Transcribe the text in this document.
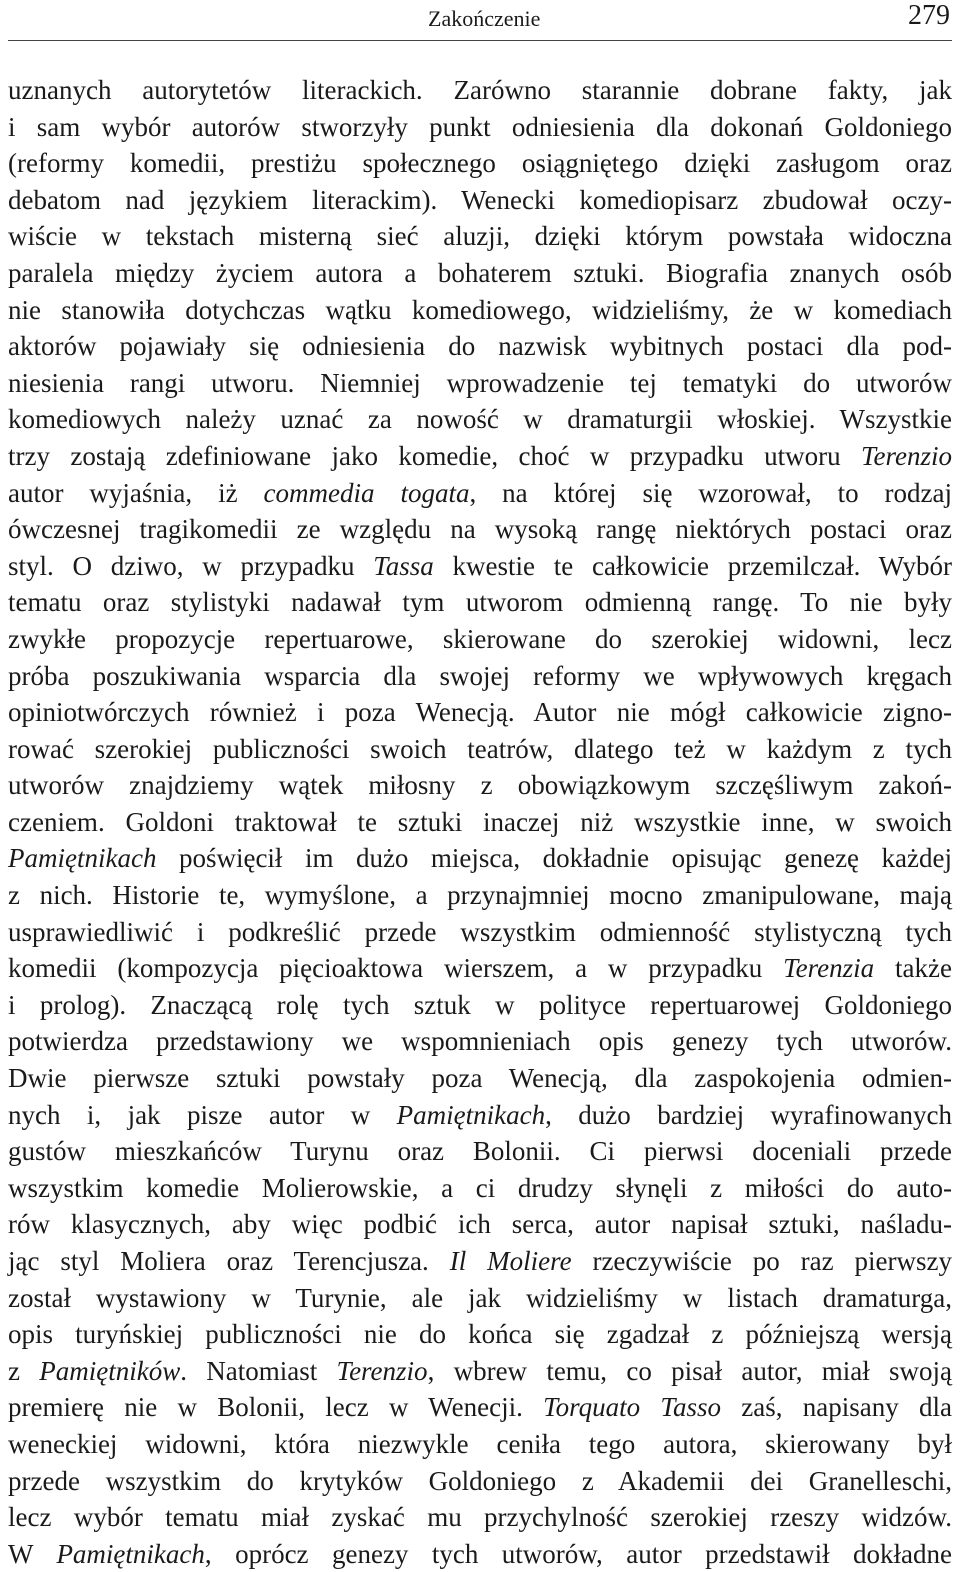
Zakończenie	279
uznanych autorytetów literackich. Zarówno starannie dobrane fakty, jak
i sam wybór autorów stworzyły punkt odniesienia dla dokonań Goldoniego
(reformy komedii, prestiżu społecznego osiągniętego dzięki zasługom oraz
debatom nad językiem literackim). Wenecki komediopisarz zbudował oczy-
wiście w tekstach misterną sieć aluzji, dzięki którym powstała widoczna
paralela między życiem autora a bohaterem sztuki. Biografia znanych osób
nie stanowiła dotychczas wątku komediowego, widzieliśmy, że w komediach
aktorów pojawiały się odniesienia do nazwisk wybitnych postaci dla pod-
niesienia rangi utworu. Niemniej wprowadzenie tej tematyki do utworów
komediowych należy uznać za nowość w dramaturgii włoskiej. Wszystkie
trzy zostają zdefiniowane jako komedie, choć w przypadku utworu Terenzio
autor wyjaśnia, iż commedia togata, na której się wzorował, to rodzaj
ówczesnej tragikomedii ze względu na wysoką rangę niektórych postaci oraz
styl. O dziwo, w przypadku Tassa kwestie te całkowicie przemilczał. Wybór
tematu oraz stylistyki nadawał tym utworom odmienną rangę. To nie były
zwykłe propozycje repertuarowe, skierowane do szerokiej widowni, lecz
próba poszukiwania wsparcia dla swojej reformy we wpływowych kręgach
opiniotwórczych również i poza Wenecją. Autor nie mógł całkowicie zigno-
rować szerokiej publiczności swoich teatrów, dlatego też w każdym z tych
utworów znajdziemy wątek miłosny z obowiązkowym szczęśliwym zakoń-
czeniem. Goldoni traktował te sztuki inaczej niż wszystkie inne, w swoich
Pamiętnikach poświęcił im dużo miejsca, dokładnie opisując genezę każdej
z nich. Historie te, wymyślone, a przynajmniej mocno zmanipulowane, mają
usprawiedliwić i podkreślić przede wszystkim odmienność stylistyczną tych
komedii (kompozycja pięcioaktowa wierszem, a w przypadku Terenzia także
i prolog). Znaczącą rolę tych sztuk w polityce repertuarowej Goldoniego
potwierdza przedstawiony we wspomnieniach opis genezy tych utworów.
Dwie pierwsze sztuki powstały poza Wenecją, dla zaspokojenia odmien-
nych i, jak pisze autor w Pamiętnikach, dużo bardziej wyrafinowanych
gustów mieszkańców Turynu oraz Bolonii. Ci pierwsi doceniali przede
wszystkim komedie Molierowskie, a ci drudzy słynęli z miłości do auto-
rów klasycznych, aby więc podbić ich serca, autor napisał sztuki, naśladu-
jąc styl Moliera oraz Terencjusza. Il Moliere rzeczywiście po raz pierwszy
został wystawiony w Turynie, ale jak widzieliśmy w listach dramaturga,
opis turyńskiej publiczności nie do końca się zgadzał z późniejszą wersją
z Pamiętników. Natomiast Terenzio, wbrew temu, co pisał autor, miał swoją
premierę nie w Bolonii, lecz w Wenecji. Torquato Tasso zaś, napisany dla
weneckiej widowni, która niezwykle ceniła tego autora, skierowany był
przede wszystkim do krytyków Goldoniego z Akademii dei Granelleschi,
lecz wybór tematu miał zyskać mu przychylność szerokiej rzeszy widzów.
W Pamiętnikach, oprócz genezy tych utworów, autor przedstawił dokładne
